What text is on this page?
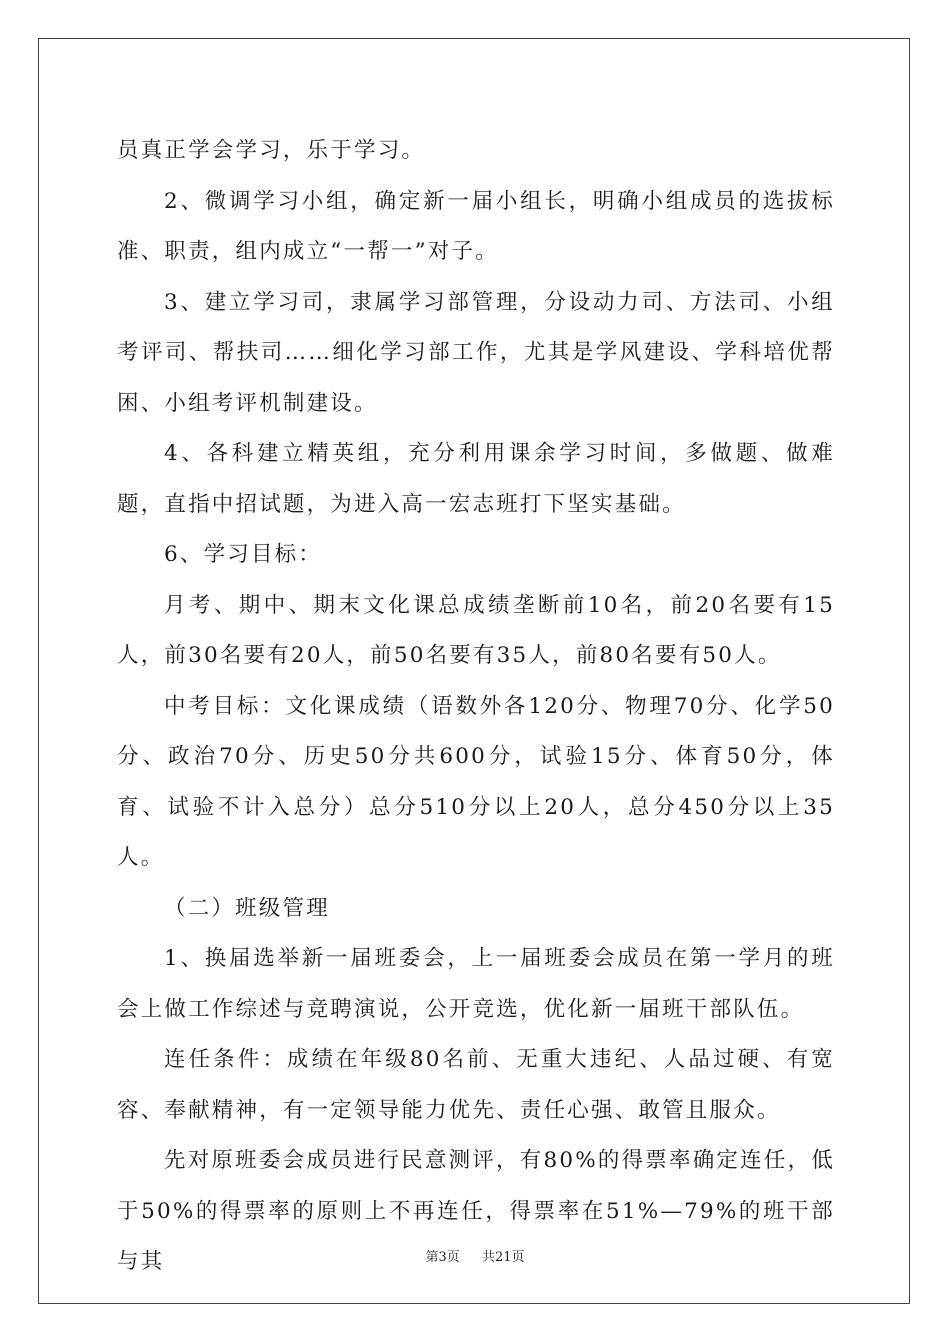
员真正学会学习，乐于学习。

2、微调学习小组，确定新一届小组长，明确小组成员的选拔标准、职责，组内成立“一帮一”对子。

3、建立学习司，隶属学习部管理，分设动力司、方法司、小组考评司、帮扶司……细化学习部工作，尤其是学风建设、学科培优帮困、小组考评机制建设。

4、各科建立精英组，充分利用课余学习时间，多做题、做难题，直指中招试题，为进入高一宏志班打下坚实基础。

6、学习目标：

月考、期中、期末文化课总成绩垄断前10名，前20名要有15人，前30名要有20人，前50名要有35人，前80名要有50人。

中考目标：文化课成绩（语数外各120分、物理70分、化学50分、政治70分、历史50分共600分，试验15分、体育50分，体育、试验不计入总分）总分510分以上20人，总分450分以上35人。

（二）班级管理

1、换届选举新一届班委会，上一届班委会成员在第一学月的班会上做工作综述与竞聘演说，公开竞选，优化新一届班干部队伍。

连任条件：成绩在年级80名前、无重大违纪、人品过硬、有宽容、奉献精神，有一定领导能力优先、责任心强、敢管且服众。

先对原班委会成员进行民意测评，有80%的得票率确定连任，低于50%的得票率的原则上不再连任，得票率在51%—79%的班干部与其	第3页 共21页
